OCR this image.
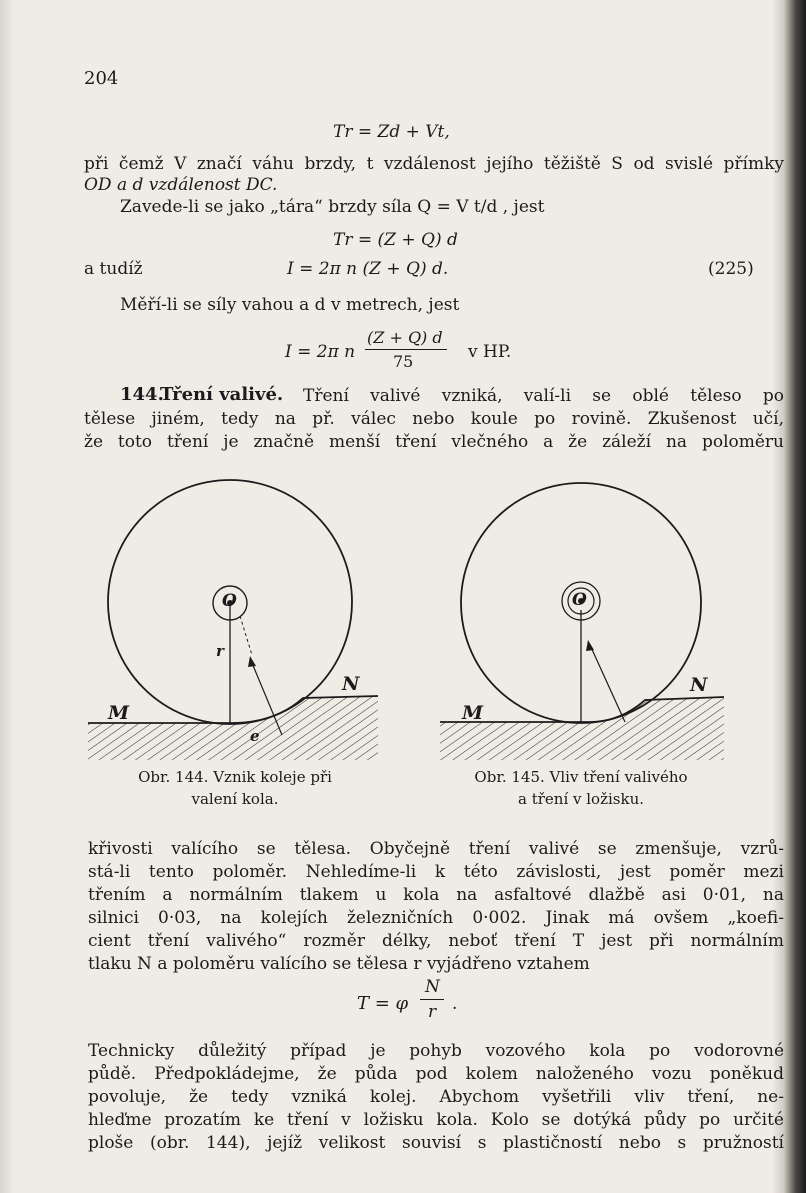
204
Tr = Zd + Vt,
při čemž V značí váhu brzdy, t vzdálenost jejího těžiště S od svislé přímky
OD a d vzdálenost DC.
Zavede-li se jako „tára“ brzdy síla Q = V t/d , jest
Tr = (Z + Q) d
a tudíž	I = 2π n (Z + Q) d.	(225)
Měří-li se síly vahou a d v metrech, jest
I = 2π n
(Z + Q) d
75	v HP.
144.
Tření valivé. Tření valivé vzniká, valí-li se oblé těleso po
tělese jiném, tedy na př. válec nebo koule po rovině. Zkušenost učí,
že toto tření je značně menší tření vlečného a že záleží na poloměru
O
r
M
N
e
O
M
N
Obr. 144. Vznik koleje při
valení kola.
Obr. 145. Vliv tření valivého
a tření v ložisku.
křivosti valícího se tělesa. Obyčejně tření valivé se zmenšuje, vzrů-
stá-li tento poloměr. Nehledíme-li k této závislosti, jest poměr mezi
třením a normálním tlakem u kola na asfaltové dlažbě asi 0·01, na
silnici 0·03, na kolejích železničních 0·002. Jinak má ovšem „koefi-
cient tření valivého“ rozměr délky, neboť tření T jest při normálním
tlaku N a poloměru valícího se tělesa r vyjádřeno vztahem
T = φ
N
r .
Technicky důležitý případ je pohyb vozového kola po vodorovné
půdě. Předpokládejme, že půda pod kolem naloženého vozu poněkud
povoluje, že tedy vzniká kolej. Abychom vyšetřili vliv tření, ne-
hleďme prozatím ke tření v ložisku kola. Kolo se dotýká půdy po určité
ploše (obr. 144), jejíž velikost souvisí s plastičností nebo s pružností
